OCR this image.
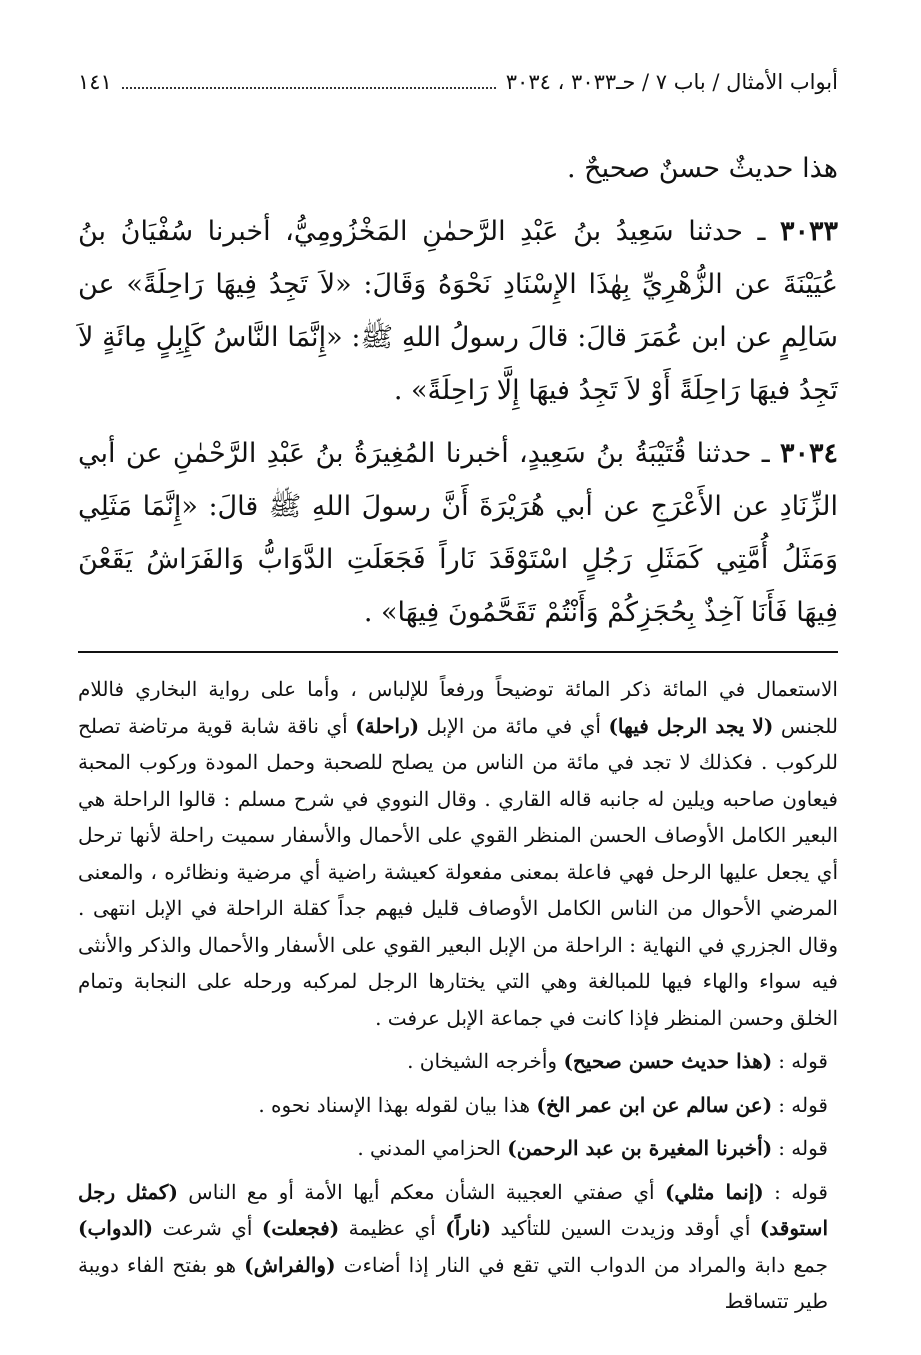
أبواب الأمثال / باب ٧ / حـ٣٠٣٣ ، ٣٠٣٤
١٤١

هذا حديثٌ حسنٌ صحيحٌ .

٣٠٣٣ ـ حدثنا سَعِيدُ بنُ عَبْدِ الرَّحمٰنِ المَخْزُومِيُّ، أخبرنا سُفْيَانُ بنُ عُيَيْنَةَ عن الزُّهْرِيِّ بِهٰذَا الإِسْنَادِ نَحْوَهُ وَقَالَ: «لاَ تَجِدُ فِيهَا رَاحِلَةً» عن سَالِمٍ عن ابن عُمَرَ قالَ: قالَ رسولُ اللهِ ﷺ: «إِنَّمَا النَّاسُ كَإِبِلٍ مِائَةٍ لاَ تَجِدُ فيهَا رَاحِلَةً أَوْ لاَ تَجِدُ فيهَا إِلَّا رَاحِلَةً» .

٣٠٣٤ ـ حدثنا قُتَيْبَةُ بنُ سَعِيدٍ، أخبرنا المُغِيرَةُ بنُ عَبْدِ الرَّحْمٰنِ عن أبي الزِّنَادِ عن الأَعْرَجِ عن أبي هُرَيْرَةَ أَنَّ رسولَ اللهِ ﷺ قالَ: «إِنَّمَا مَثَلِي وَمَثَلُ أُمَّتِي كَمَثَلِ رَجُلٍ اسْتَوْقَدَ نَاراً فَجَعَلَتِ الدَّوَابُّ وَالفَرَاشُ يَقَعْنَ فِيهَا فَأَنَا آخِذٌ بِحُجَزِكُمْ وَأَنْتُمْ تَقَحَّمُونَ فِيهَا» .

الاستعمال في المائة ذكر المائة توضيحاً ورفعاً للإلباس ، وأما على رواية البخاري فاللام للجنس (لا يجد الرجل فيها) أي في مائة من الإبل (راحلة) أي ناقة شابة قوية مرتاضة تصلح للركوب . فكذلك لا تجد في مائة من الناس من يصلح للصحبة وحمل المودة وركوب المحبة فيعاون صاحبه ويلين له جانبه قاله القاري . وقال النووي في شرح مسلم : قالوا الراحلة هي البعير الكامل الأوصاف الحسن المنظر القوي على الأحمال والأسفار سميت راحلة لأنها ترحل أي يجعل عليها الرحل فهي فاعلة بمعنى مفعولة كعيشة راضية أي مرضية ونظائره ، والمعنى المرضي الأحوال من الناس الكامل الأوصاف قليل فيهم جداً كقلة الراحلة في الإبل انتهى . وقال الجزري في النهاية : الراحلة من الإبل البعير القوي على الأسفار والأحمال والذكر والأنثى فيه سواء والهاء فيها للمبالغة وهي التي يختارها الرجل لمركبه ورحله على النجابة وتمام الخلق وحسن المنظر فإذا كانت في جماعة الإبل عرفت .

قوله :(هذا حديث حسن صحيح) وأخرجه الشيخان .
قوله :(عن سالم عن ابن عمر الخ) هذا بيان لقوله بهذا الإسناد نحوه .
قوله :(أخبرنا المغيرة بن عبد الرحمن) الحزامي المدني .

قوله : (إنما مثلي) أي صفتي العجيبة الشأن معكم أيها الأمة أو مع الناس (كمثل رجل استوقد) أي أوقد وزيدت السين للتأكيد (ناراً) أي عظيمة (فجعلت) أي شرعت (الدواب) جمع دابة والمراد من الدواب التي تقع في النار إذا أضاءت (والفراش) هو بفتح الفاء دويبة طير تتساقط
